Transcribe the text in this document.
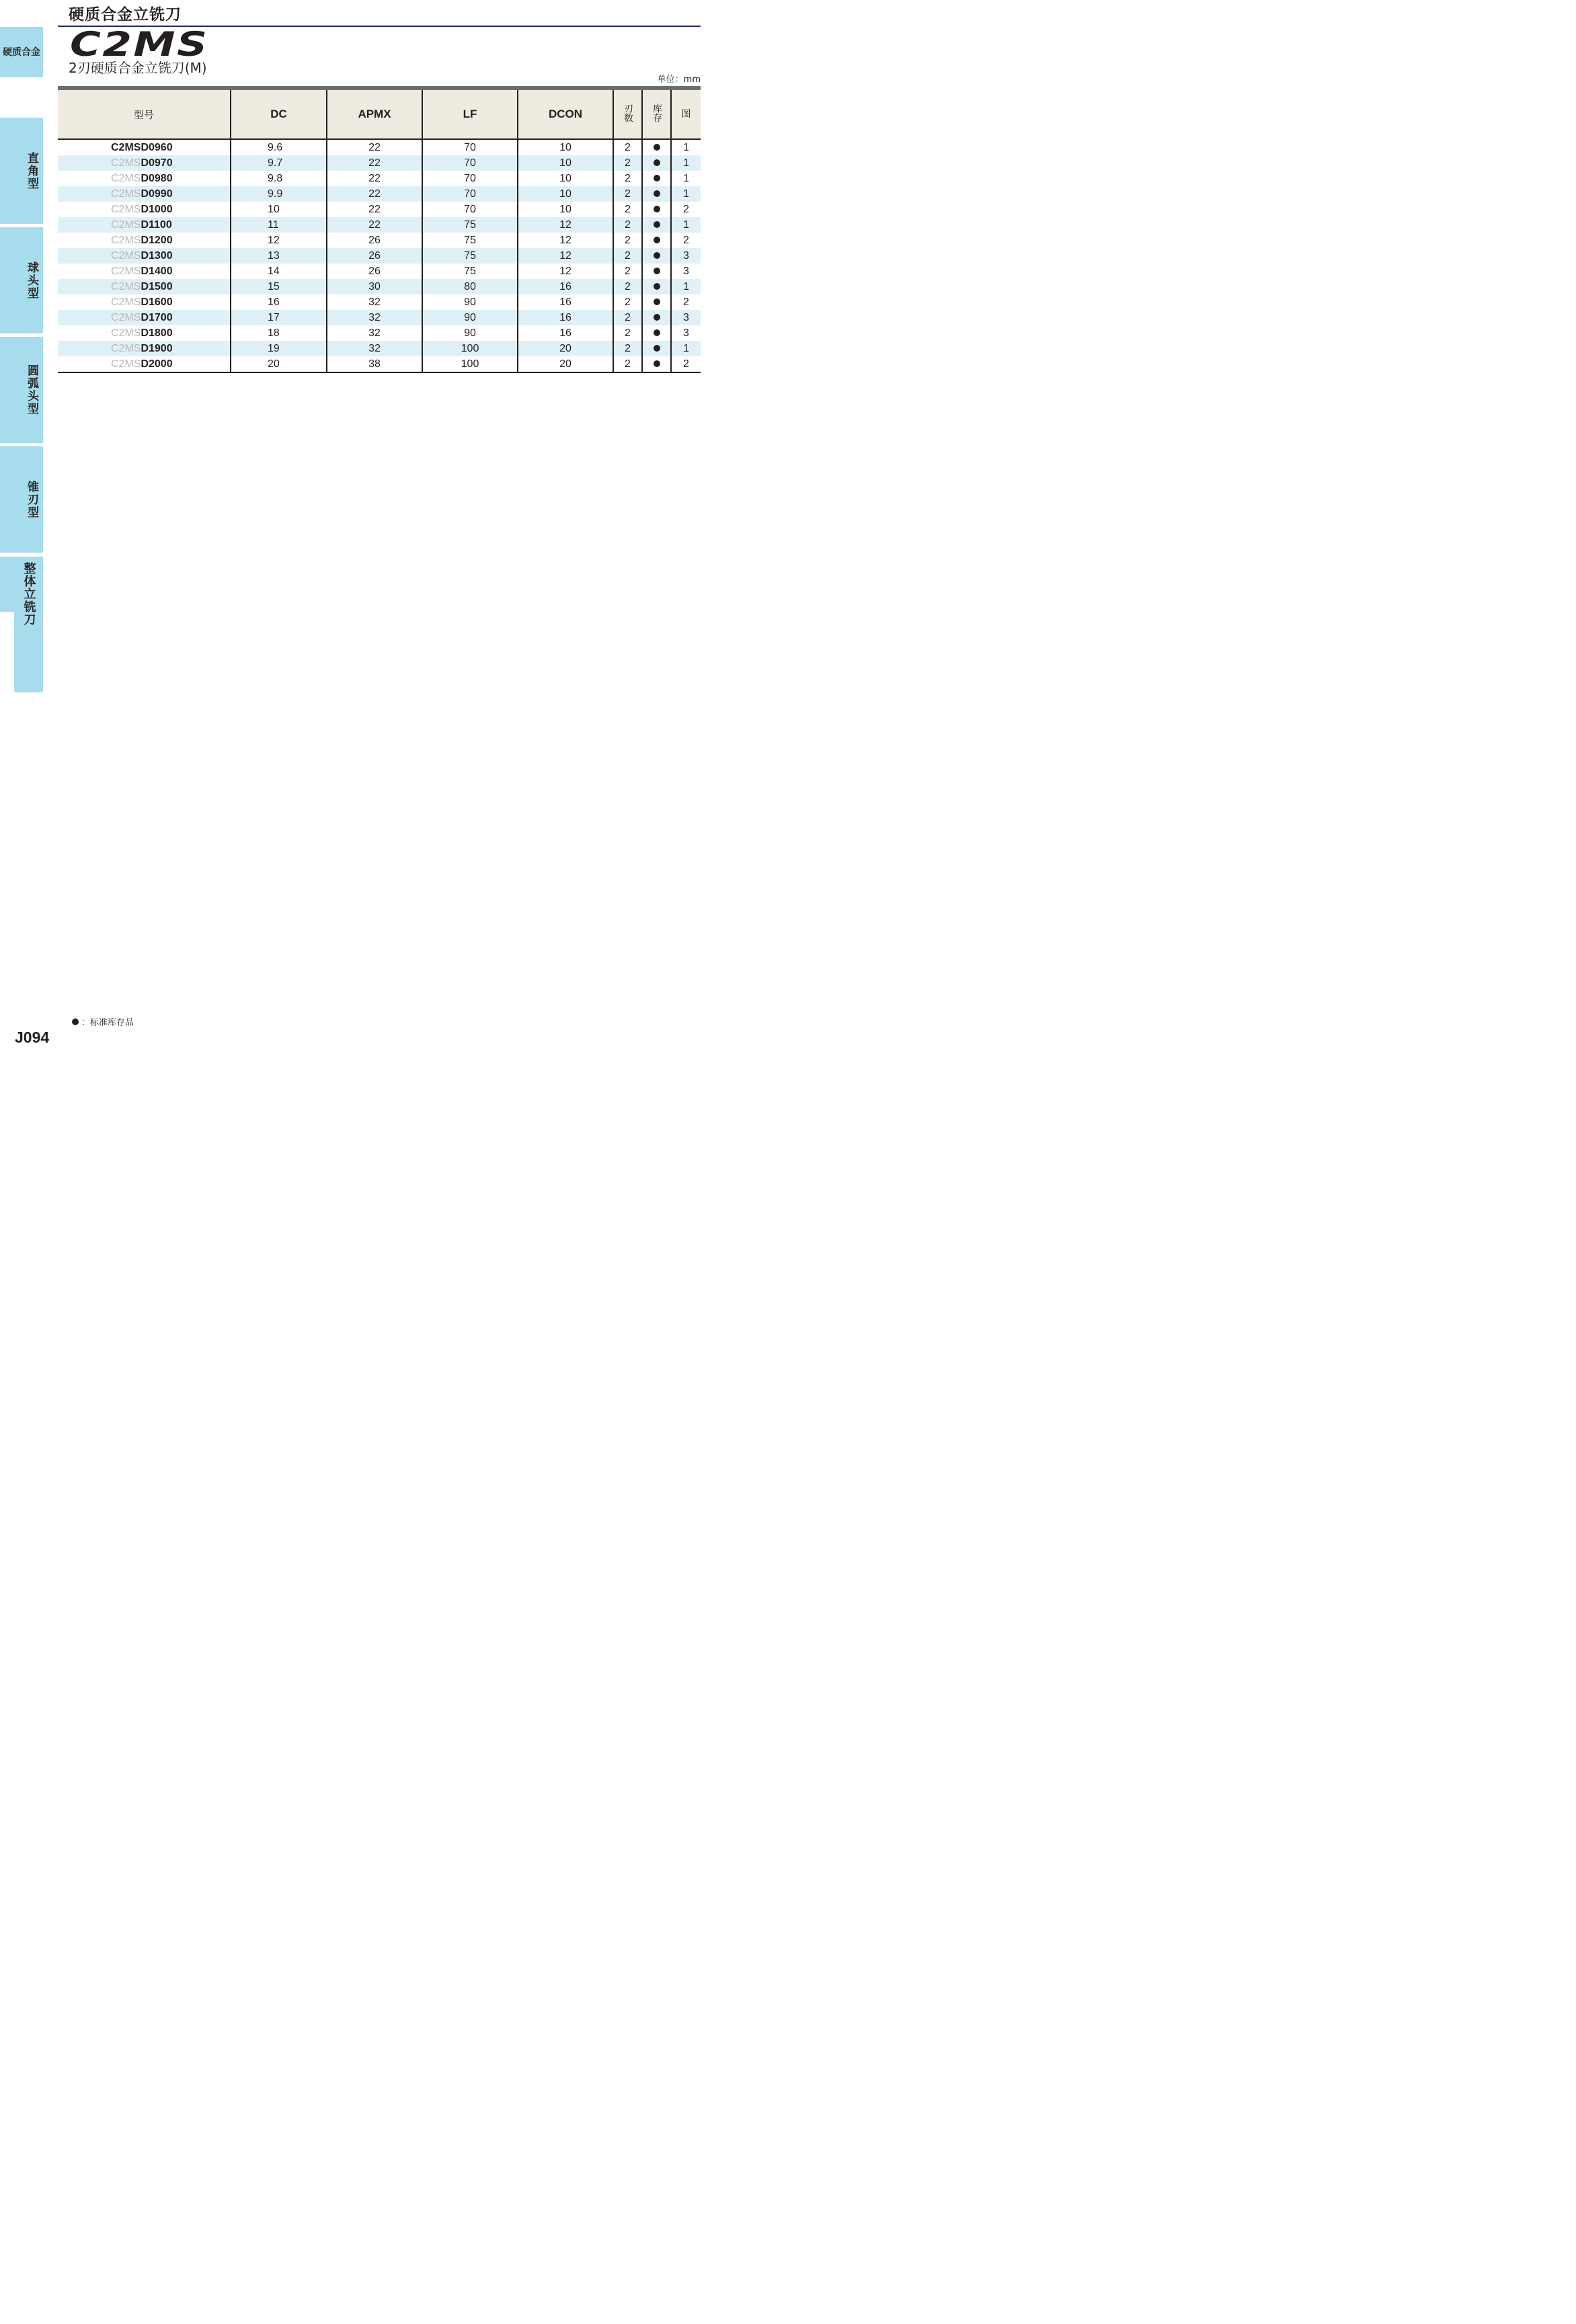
硬质合金立铣刀
C2MS
2刃硬质合金立铣刀(M)
单位：mm
硬质合金
直角型
球头型
圆弧头型
锥刃型
整体立铣刀

型号	DC	APMX	LF	DCON	刃数	库存	图
C2MSD0960	9.6	22	70	10	2		1
C2MSD0970	9.7	22	70	10	2		1
C2MSD0980	9.8	22	70	10	2		1
C2MSD0990	9.9	22	70	10	2		1
C2MSD1000	10	22	70	10	2		2
C2MSD1100	11	22	75	12	2		1
C2MSD1200	12	26	75	12	2		2
C2MSD1300	13	26	75	12	2		3
C2MSD1400	14	26	75	12	2		3
C2MSD1500	15	30	80	16	2		1
C2MSD1600	16	32	90	16	2		2
C2MSD1700	17	32	90	16	2		3
C2MSD1800	18	32	90	16	2		3
C2MSD1900	19	32	100	20	2		1
C2MSD2000	20	38	100	20	2		2
：标准库存品
J094
